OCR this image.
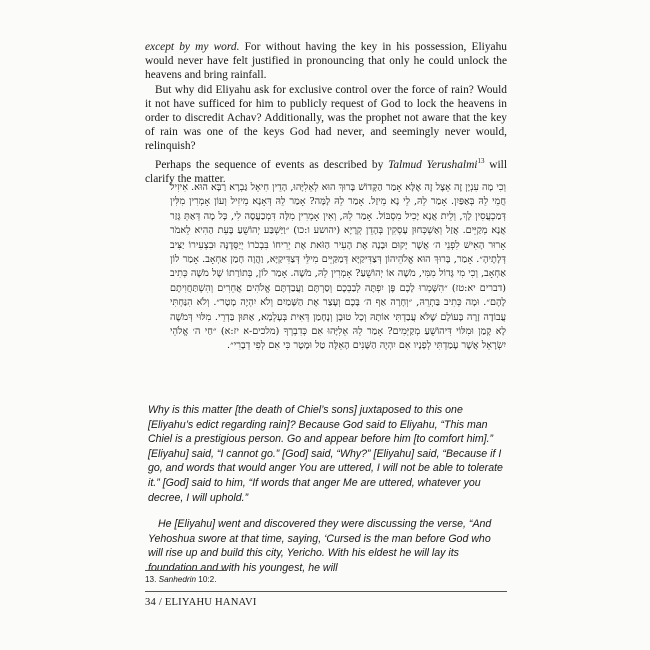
except by my word. For without having the key in his possession, Eliyahu would never have felt justified in pronouncing that only he could unlock the heavens and bring rainfall.

But why did Eliyahu ask for exclusive control over the force of rain? Would it not have sufficed for him to publicly request of God to lock the heavens in order to discredit Achav? Additionally, was the prophet not aware that the key of rain was one of the keys God had never, and seemingly never would, relinquish?

Perhaps the sequence of events as described by Talmud Yerushalmi$^{13}$ will clarify the matter.

וְכִי מָה עִנְיָן זֶה אֵצֶל זֶה אֶלָּא אָמַר הַקָּדוֹשׁ בָּרוּךְ הוּא לְאֵלִיָּהוּ, הָדֵין חִיאֵל גַּבְרָא רַבָּא הוּא. אִיזִיל חֲמֵי לֵהּ בְּאַפַּיִן. אָמַר לֵהּ, לֵי נָא מֵיזַל. אָמַר לֵהּ לָמָּה? אָמַר לֵהּ דְּאָנָא מֵיזִיל וְעוֹן אָמְרִין מִלִּין דְּמַכְעֲסִין לָךְ, וְלֵית אֲנָא יָכִיל מִסְבּוֹל. אָמַר לֵהּ, וְאִין אָמְרִין מִלָּה דִּמְכַעֲסָה לִי, כָּל מָה דְּאַתְּ גָּזַר אֲנָא מְקַיֵּים. אֲזַל וְאַשְׁכְּחוּן עָסְקִין בְּהָדֵן קְרָיָא (יהושע ו:כו) ״וַיַּשְׁבַּע יְהוֹשֻׁעַ בָּעֵת הַהִיא לֵאמֹר אָרוּר הָאִישׁ לִפְנֵי ה׳ אֲשֶׁר יָקוּם וּבָנָה אֶת הָעִיר הַזֹּאת אֶת יְרִיחוֹ בִּבְכֹרוֹ יְיַסְּדֶנָּה וּבִצְעִירוֹ יַצִּיב דְּלָתֶיהָ״. אָמַר, בָּרוּךְ הוּא אֱלֹהֵיהוֹן דְּצַדִּיקַיָּא דְּמַקַּיֵּים מִילֵּי דְּצַדִּיקַיָּא, וַהֲוָה חָמַן אַחְאָב. אָמַר לוֹן אַחְאָב, וְכִי מִי גָּדוֹל מִמִּי, מֹשֶׁה אוֹ יְהוֹשֻׁעַ? אָמְרִין לֵהּ, מֹשֶׁה. אָמַר לוֹן, בְּתוֹרַתוֹ שֶׁל מֹשֶׁה כְּתִיב (דברים יא:טז) ״הִשָּׁמְרוּ לָכֶם פֶּן יִפְתֶּה לְבַבְכֶם וְסַרְתֶּם וַעֲבַדְתֶּם אֱלֹהִים אֲחֵרִים וְהִשְׁתַּחֲוִיתֶם לָהֶם״. וּמָה כְּתִיב בַּתְרֵהּ, ״וְחָרָה אַף ה׳ בָּכֶם וְעָצַר אֶת הַשָּׁמַיִם וְלֹא יִהְיֶה מָטָר״. וְלֹא הִנַּחְתִּי עֲבוֹדָה זָרָה בָּעוֹלָם שֶׁלֹּא עֲבַדְתִּי אוֹתָהּ וְכָל טוּבָן וְנֶחָמַן דְּאִית בְּעָלְמָא, אַתּוּן בַּדְרֵי. מִלּוּי דְּמֹשֶׁה לָא קָמַן וּמִלּוֹי דִּיהוֹשֻׁעַ מְקַיְּמִים? אָמַר לֵהּ אֵלִיָּהוּ אִם כְּדִבְרְךָ (מלכים-א יז:א) ״חַי ה׳ אֱלֹהֵי יִשְׂרָאֵל אֲשֶׁר עָמַדְתִּי לְפָנָיו אִם יִהְיֶה הַשָּׁנִים הָאֵלֶּה טַל וּמָטָר כִּי אִם לְפִי דְבָרִי״.

Why is this matter [the death of Chiel’s sons] juxtaposed to this one [Eliyahu’s edict regarding rain]? Because God said to Eliyahu, “This man Chiel is a prestigious person. Go and appear before him [to comfort him].” [Eliyahu] said, “I cannot go.” [God] said, “Why?” [Eliyahu] said, “Because if I go, and words that would anger You are uttered, I will not be able to tolerate it.” [God] said to him, “If words that anger Me are uttered, whatever you decree, I will uphold.”

He [Eliyahu] went and discovered they were discussing the verse, “And Yehoshua swore at that time, saying, ‘Cursed is the man before God who will rise up and build this city, Yericho. With his eldest he will lay its foundation and with his youngest, he will

13. Sanhedrin 10:2.
34 / ELIYAHU HANAVI
